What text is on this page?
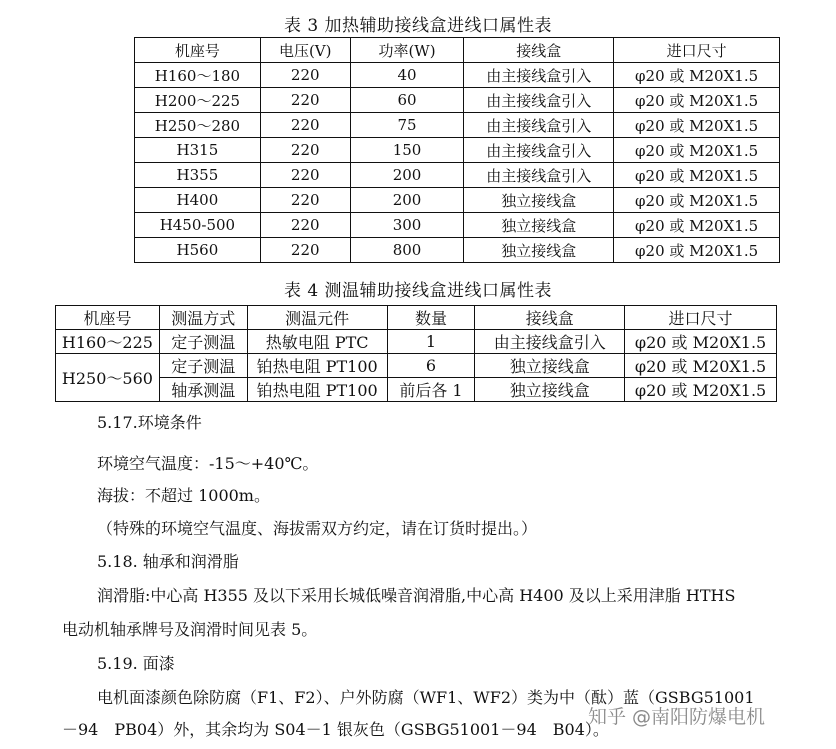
表 3 加热辅助接线盒进线口属性表
机座号	电压(V)	功率(W)	接线盒	进口尺寸
H160～180	220	40	由主接线盒引入	φ20 或 M20X1.5
H200～225	220	60	由主接线盒引入	φ20 或 M20X1.5
H250～280	220	75	由主接线盒引入	φ20 或 M20X1.5
H315	220	150	由主接线盒引入	φ20 或 M20X1.5
H355	220	200	由主接线盒引入	φ20 或 M20X1.5
H400	220	200	独立接线盒	φ20 或 M20X1.5
H450-500	220	300	独立接线盒	φ20 或 M20X1.5
H560	220	800	独立接线盒	φ20 或 M20X1.5
表 4 测温辅助接线盒进线口属性表
机座号	测温方式	测温元件	数量	接线盒	进口尺寸
H160～225	定子测温	热敏电阻 PTC	1	由主接线盒引入	φ20 或 M20X1.5
H250～560	定子测温	铂热电阻 PT100	6	独立接线盒	φ20 或 M20X1.5
	轴承测温	铂热电阻 PT100	前后各 1	独立接线盒	φ20 或 M20X1.5
5.17.环境条件
环境空气温度：-15～+40℃。
海拔：不超过 1000m。
（特殊的环境空气温度、海拔需双方约定，请在订货时提出。）
5.18. 轴承和润滑脂
润滑脂:中心高 H355 及以下采用长城低噪音润滑脂,中心高 H400 及以上采用津脂 HTHS
电动机轴承牌号及润滑时间见表 5。
5.19. 面漆
电机面漆颜色除防腐（F1、F2）、户外防腐（WF1、WF2）类为中（酞）蓝（GSBG51001
－94　PB04）外，其余均为 S04－1 银灰色（GSBG51001－94　B04）。
知乎 @南阳防爆电机
